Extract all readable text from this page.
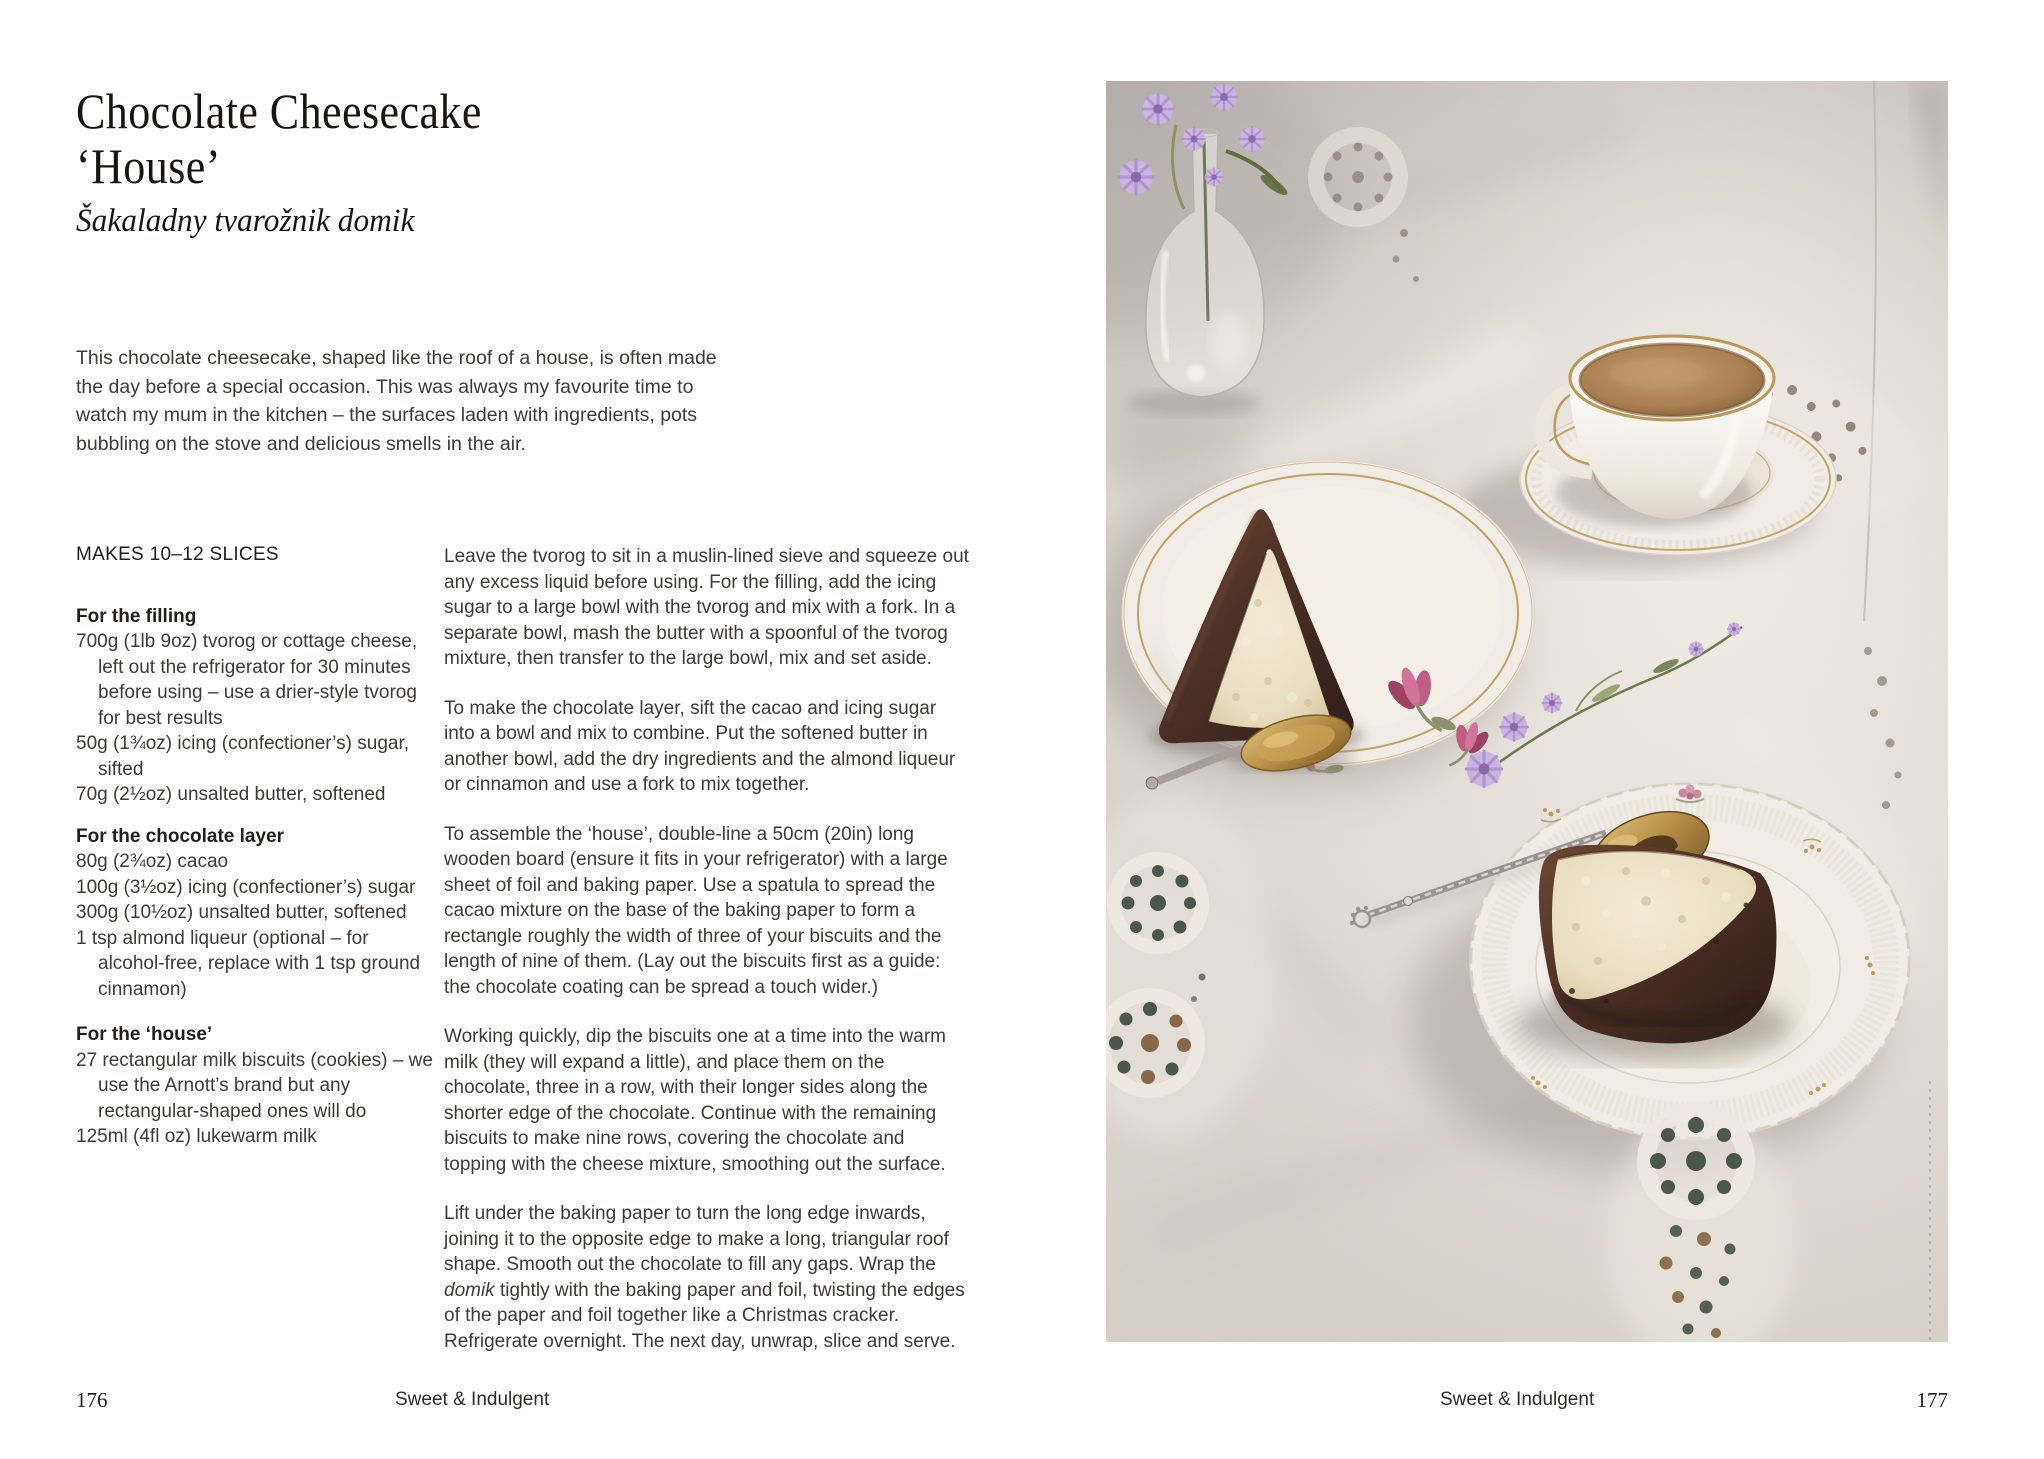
Chocolate Cheesecake
‘House’
Šakaladny tvarožnik domik
This chocolate cheesecake, shaped like the roof of a house, is often made the day before a special occasion. This was always my favourite time to watch my mum in the kitchen – the surfaces laden with ingredients, pots bubbling on the stove and delicious smells in the air.
MAKES 10–12 SLICES
For the filling
700g (1lb 9oz) tvorog or cottage cheese, left out the refrigerator for 30 minutes before using – use a drier-style tvorog for best results
50g (1¾oz) icing (confectioner’s) sugar, sifted
70g (2½oz) unsalted butter, softened
For the chocolate layer
80g (2¾oz) cacao
100g (3½oz) icing (confectioner’s) sugar
300g (10½oz) unsalted butter, softened
1 tsp almond liqueur (optional – for alcohol-free, replace with 1 tsp ground cinnamon)
For the ‘house’
27 rectangular milk biscuits (cookies) – we use the Arnott’s brand but any rectangular-shaped ones will do
125ml (4fl oz) lukewarm milk

Leave the tvorog to sit in a muslin-lined sieve and squeeze out any excess liquid before using. For the filling, add the icing sugar to a large bowl with the tvorog and mix with a fork. In a separate bowl, mash the butter with a spoonful of the tvorog mixture, then transfer to the large bowl, mix and set aside.

To make the chocolate layer, sift the cacao and icing sugar into a bowl and mix to combine. Put the softened butter in another bowl, add the dry ingredients and the almond liqueur or cinnamon and use a fork to mix together.

To assemble the ‘house’, double-line a 50cm (20in) long wooden board (ensure it fits in your refrigerator) with a large sheet of foil and baking paper. Use a spatula to spread the cacao mixture on the base of the baking paper to form a rectangle roughly the width of three of your biscuits and the length of nine of them. (Lay out the biscuits first as a guide: the chocolate coating can be spread a touch wider.)

Working quickly, dip the biscuits one at a time into the warm milk (they will expand a little), and place them on the chocolate, three in a row, with their longer sides along the shorter edge of the chocolate. Continue with the remaining biscuits to make nine rows, covering the chocolate and topping with the cheese mixture, smoothing out the surface.

Lift under the baking paper to turn the long edge inwards, joining it to the opposite edge to make a long, triangular roof shape. Smooth out the chocolate to fill any gaps. Wrap the domik tightly with the baking paper and foil, twisting the edges of the paper and foil together like a Christmas cracker. Refrigerate overnight. The next day, unwrap, slice and serve.

176	Sweet & Indulgent	Sweet & Indulgent	177
